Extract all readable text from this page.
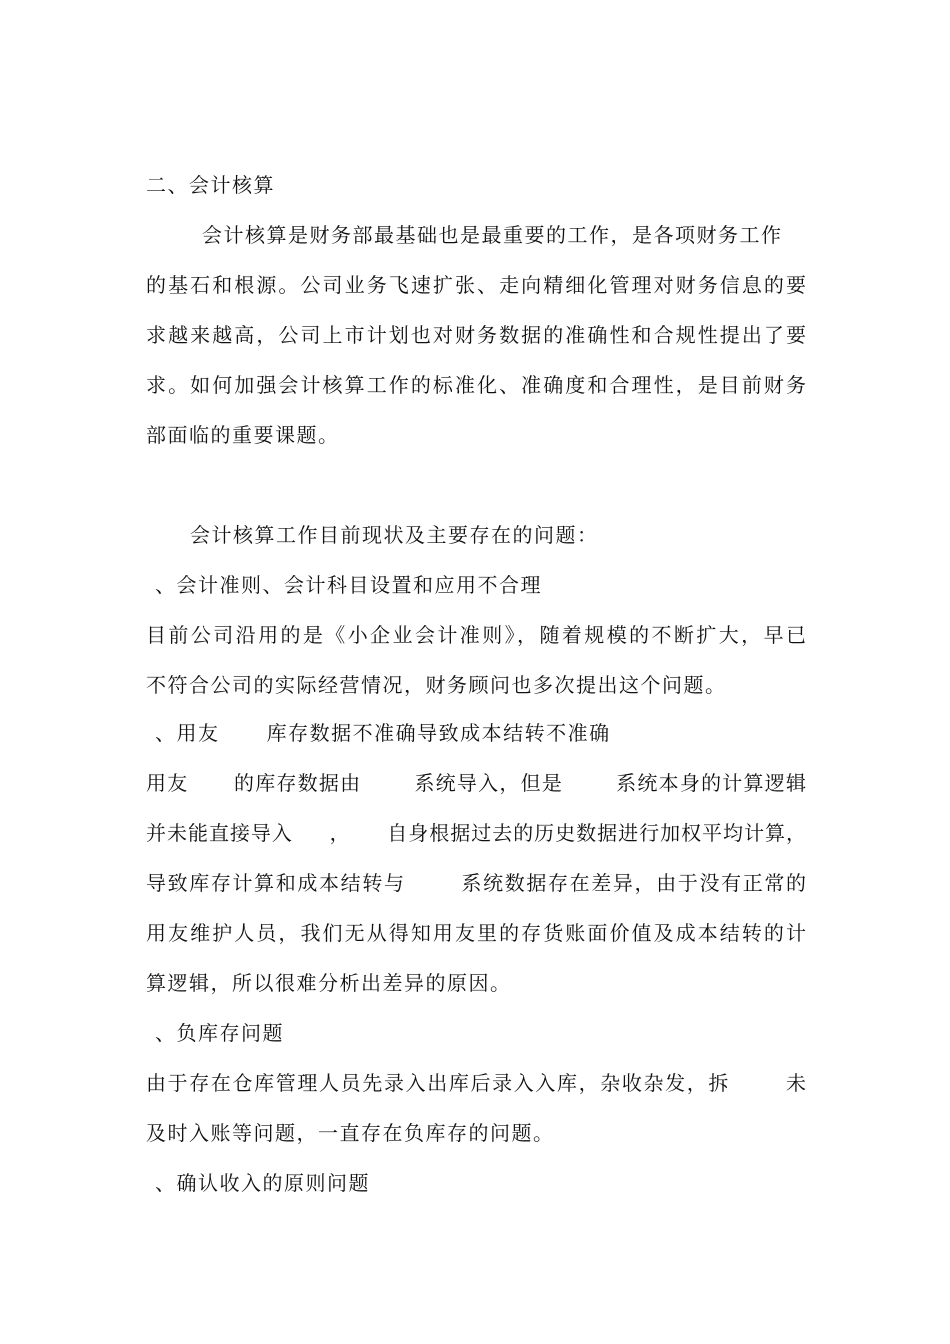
二、会计核算
会计核算是财务部最基础也是最重要的工作，是各项财务工作
的基石和根源。公司业务飞速扩张、走向精细化管理对财务信息的要
求越来越高，公司上市计划也对财务数据的准确性和合规性提出了要
求。如何加强会计核算工作的标准化、准确度和合理性，是目前财务
部面临的重要课题。
会计核算工作目前现状及主要存在的问题：
、会计准则、会计科目设置和应用不合理
目前公司沿用的是《小企业会计准则》，随着规模的不断扩大，早已
不符合公司的实际经营情况，财务顾问也多次提出这个问题。
、用友      库存数据不准确导致成本结转不准确
用友      的库存数据由       系统导入，但是       系统本身的计算逻辑
并未能直接导入     ，     自身根据过去的历史数据进行加权平均计算，
导致库存计算和成本结转与       系统数据存在差异，由于没有正常的
用友维护人员，我们无从得知用友里的存货账面价值及成本结转的计
算逻辑，所以很难分析出差异的原因。
、负库存问题
由于存在仓库管理人员先录入出库后录入入库，杂收杂发，拆       未
及时入账等问题，一直存在负库存的问题。
、确认收入的原则问题
